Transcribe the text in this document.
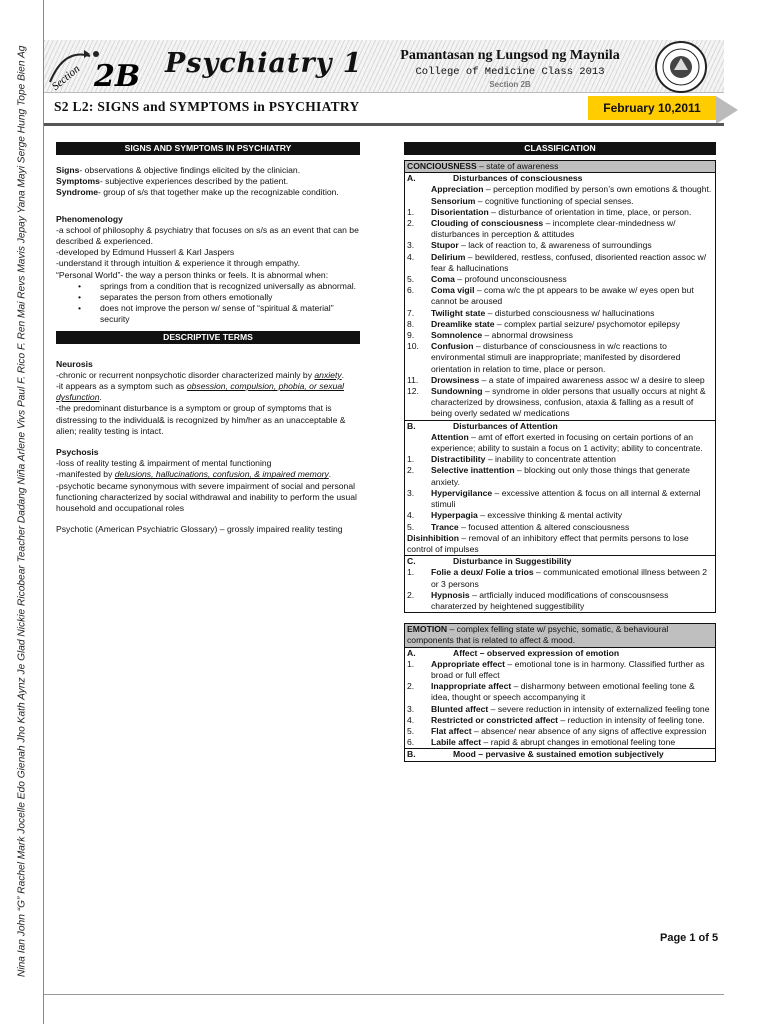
Nina Ian John “G” Rachel Mark Jocelle Edo Gienah Jho Kath Aynz Je Glad Nickie Ricobear Teacher Dadang Niña Arlene Vivs Paul F. Rico F. Ren Mai Revs Mavis Jepay Yana Mayi Serge Hung Tope Bien Ag Section 2B Psychiatry 1	Pamantasan ng Lungsod ng Maynila
College of Medicine Class 2013
Section 2B
S2 L2: SIGNS and SYMPTOMS in PSYCHIATRY	February 10,2011
SIGNS AND SYMPTOMS IN PSYCHIATRY

Signs- observations & objective findings elicited by the clinician.

Symptoms- subjective experiences described by the patient.

Syndrome- group of s/s that together make up the recognizable condition.

Phenomenology

-a school of philosophy & psychiatry that focuses on s/s as an event that can be described & experienced.

-developed by Edmund Husserl & Karl Jaspers

-understand it through intuition & experience it through empathy.

“Personal World”- the way a person thinks or feels. It is abnormal when:

•	springs from a condition that is recognized universally as abnormal.
•	separates the person from others emotionally
•	does not improve the person w/ sense of “spiritual & material” security
DESCRIPTIVE TERMS

Neurosis

-chronic or recurrent nonpsychotic disorder characterized mainly by anxiety.

-it appears as a symptom such as obsession, compulsion, phobia, or sexual dysfunction.

-the predominant disturbance is a symptom or group of symptoms that is distressing to the individual& is recognized by him/her as an unacceptable & alien; reality testing is intact.

Psychosis

-loss of reality testing & impairment of mental functioning

-manifested by delusions, hallucinations, confusion, & impaired memory.

-psychotic became synonymous with severe impairment of social and personal functioning characterized by social withdrawal and inability to perform the usual household and occupational roles

Psychotic (American Psychiatric Glossary) – grossly impaired reality testing

CLASSIFICATION
CONCIOUSNESS – state of awareness
A.	Disturbances of consciousness

Appreciation – perception modified by person’s own emotions & thought.

Sensorium – cognitive functioning of special senses.

1.	Disorientation – disturbance of orientation in time, place, or person.
2.	Clouding of consciousness – incomplete clear-mindedness w/ disturbances in perception & attitudes
3.	Stupor – lack of reaction to, & awareness of surroundings
4.	Delirium – bewildered, restless, confused, disoriented reaction assoc w/ fear & hallucinations
5.	Coma – profound unconsciousness
6.	Coma vigil – coma w/c the pt appears to be awake w/ eyes open but cannot be aroused
7.	Twilight state – disturbed consciousness w/ hallucinations
8.	Dreamlike state – complex partial seizure/ psychomotor epilepsy
9.	Somnolence – abnormal drowsiness
10.	Confusion – disturbance of consciousness in w/c reactions to environmental stimuli are inappropriate; manifested by disordered orientation in relation to time, place or person.
11.	Drowsiness – a state of impaired awareness assoc w/ a desire to sleep
12.	Sundowning – syndrome in older persons that usually occurs at night & characterized by drowsiness, confusion, ataxia & falling as a result of being overly sedated w/ medications
B.	Disturbances of Attention

Attention – amt of effort exerted in focusing on certain portions of an experience; ability to sustain a focus on 1 activity; ability to concentrate.

1.	Distractibility – inability to concentrate attention
2.	Selective inattention – blocking out only those things that generate anxiety.
3.	Hypervigilance – excessive attention & focus on all internal & external stimuli
4.	Hyperpagia – excessive thinking & mental activity
5.	Trance – focused attention & altered consciousness

Disinhibition – removal of an inhibitory effect that permits persons to lose control of impulses

C.	Disturbance in Suggestibility
1.	Folie a deux/ Folie a trios – communicated emotional illness between 2 or 3 persons
2.	Hypnosis – artficially induced modifications of conscousnsess charaterzed by heightened suggestibility
EMOTION – complex felling state w/ psychic, somatic, & behavioural components that is related to affect & mood.
A.	Affect – observed expression of emotion
1.	Appropriate effect – emotional tone is in harmony. Classified further as broad or full effect
2.	Inappropriate affect – disharmony between emotional feeling tone & idea, thought or speech accompanying it
3.	Blunted affect – severe reduction in intensity of externalized feeling tone
4.	Restricted or constricted affect – reduction in intensity of feeling tone.
5.	Flat affect – absence/ near absence of any signs of affective expression
6.	Labile affect – rapid & abrupt changes in emotional feeling tone
B.	Mood – pervasive & sustained emotion subjectively
Page 1 of 5
